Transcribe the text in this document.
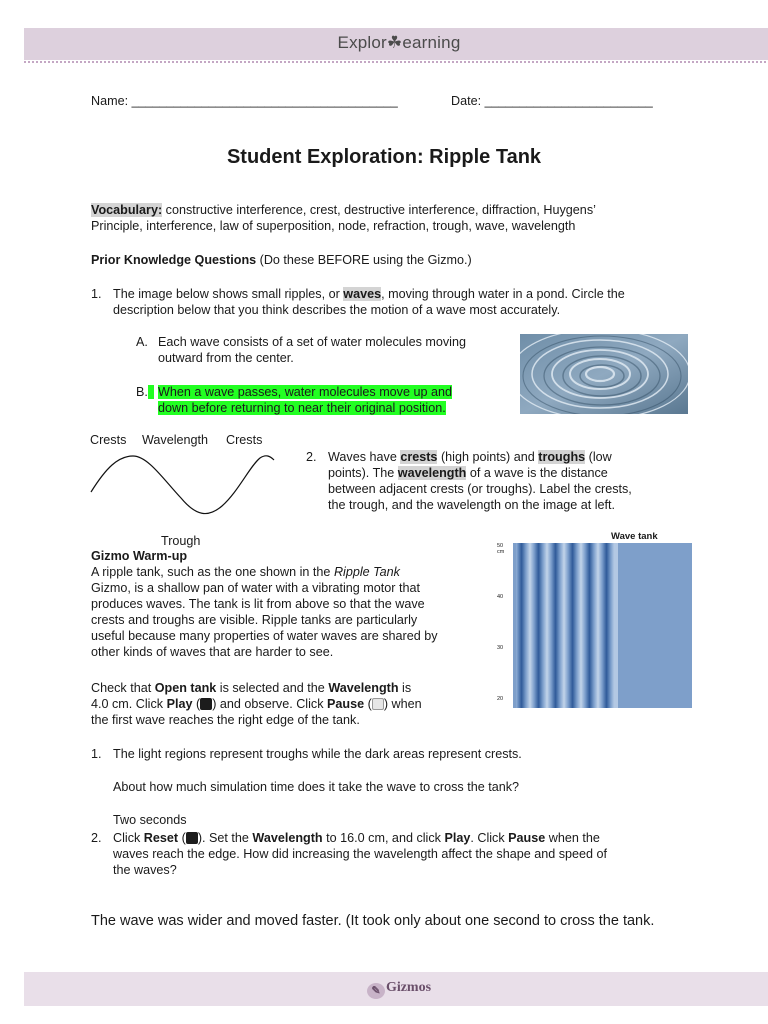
Explor☘earning
Name: ______________________________________	Date: ________________________
Student Exploration: Ripple Tank
Vocabulary: constructive interference, crest, destructive interference, diffraction, Huygens’
Principle, interference, law of superposition, node, refraction, trough, wave, wavelength
Prior Knowledge Questions (Do these BEFORE using the Gizmo.)
1. The image below shows small ripples, or waves, moving through water in a pond. Circle the
description below that you think describes the motion of a wave most accurately.
A. Each wave consists of a set of water molecules moving
outward from the center.
B. When a wave passes, water molecules move up and
down before returning to near their original position.
Crests Wavelength Crests
Trough
2. Waves have crests (high points) and troughs (low
points). The wavelength of a wave is the distance
between adjacent crests (or troughs). Label the crests,
the trough, and the wavelength on the image at left.
Gizmo Warm-up
A ripple tank, such as the one shown in the Ripple Tank
Gizmo, is a shallow pan of water with a vibrating motor that
produces waves. The tank is lit from above so that the wave
crests and troughs are visible. Ripple tanks are particularly
useful because many properties of water waves are shared by
other kinds of waves that are harder to see.
Check that Open tank is selected and the Wavelength is
4.0 cm. Click Play ( ) and observe. Click Pause ( ) when
the first wave reaches the right edge of the tank.
Wave tank
50 cm
40
30
20
1. The light regions represent troughs while the dark areas represent crests.
About how much simulation time does it take the wave to cross the tank?
Two seconds
2. Click Reset ( ). Set the Wavelength to 16.0 cm, and click Play. Click Pause when the
waves reach the edge. How did increasing the wavelength affect the shape and speed of
the waves?
The wave was wider and moved faster. (It took only about one second to cross the tank.
✎ Gizmos
